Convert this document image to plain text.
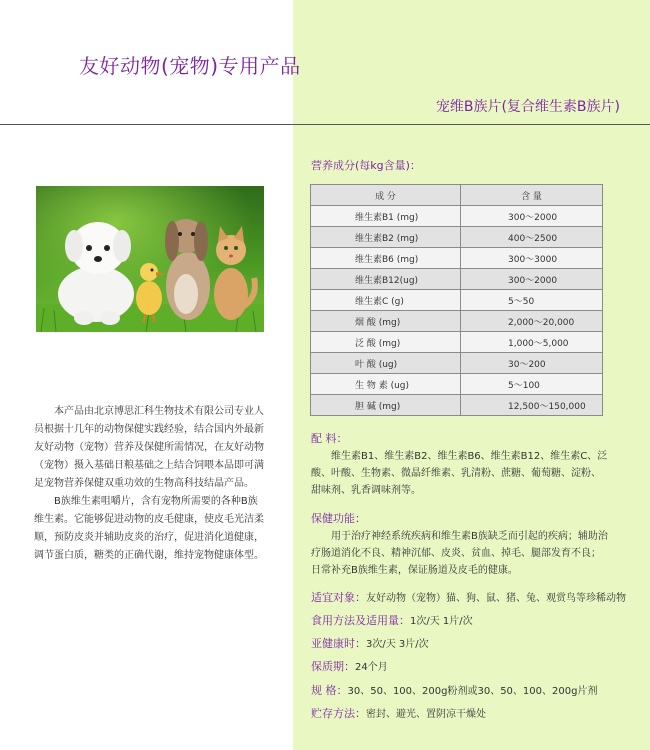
友好动物(宠物)专用产品
宠维B族片(复合维生素B族片)

本产品由北京博思汇科生物技术有限公司专业人员根据十几年的动物保健实践经验，结合国内外最新友好动物（宠物）营养及保健所需情况，在友好动物（宠物）摄入基础日粮基础之上结合饲喂本品即可满足宠物营养保健双重功效的生物高科技结晶产品。

B族维生素咀嚼片，含有宠物所需要的各种B族维生素。它能够促进动物的皮毛健康，使皮毛光洁柔顺，预防皮炎并辅助皮炎的治疗，促进消化道健康，调节蛋白质，糖类的正确代谢，维持宠物健康体型。

营养成分(每kg含量)：
成 分	含 量
维生素B1 (mg)	300～2000
维生素B2 (mg)	400～2500
维生素B6 (mg)	300～3000
维生素B12(ug)	300～2000
维生素C (g)	5～50
烟 酸 (mg)	2,000～20,000
泛 酸 (mg)	1,000～5,000
叶 酸 (ug)	30～200
生 物 素 (ug)	5～100
胆 碱 (mg)	12,500～150,000
配 料：
维生素B1、维生素B2、维生素B6、维生素B12、维生素C、泛酸、叶酸、生物素、微晶纤维素、乳清粉、蔗糖、葡萄糖、淀粉、甜味剂、乳香调味剂等。
保健功能：
用于治疗神经系统疾病和维生素B族缺乏而引起的疾病；辅助治疗肠道消化不良、精神沉郁、皮炎、贫血、掉毛、腿部发育不良；日常补充B族维生素，保证肠道及皮毛的健康。
适宜对象：友好动物（宠物）猫、狗、鼠、猪、兔、观赏鸟等珍稀动物
食用方法及适用量：1次/天 1片/次
亚健康时：3次/天 3片/次
保质期：24个月
规 格：30、50、100、200g粉剂或30、50、100、200g片剂
贮存方法：密封、避光、置阴凉干燥处
